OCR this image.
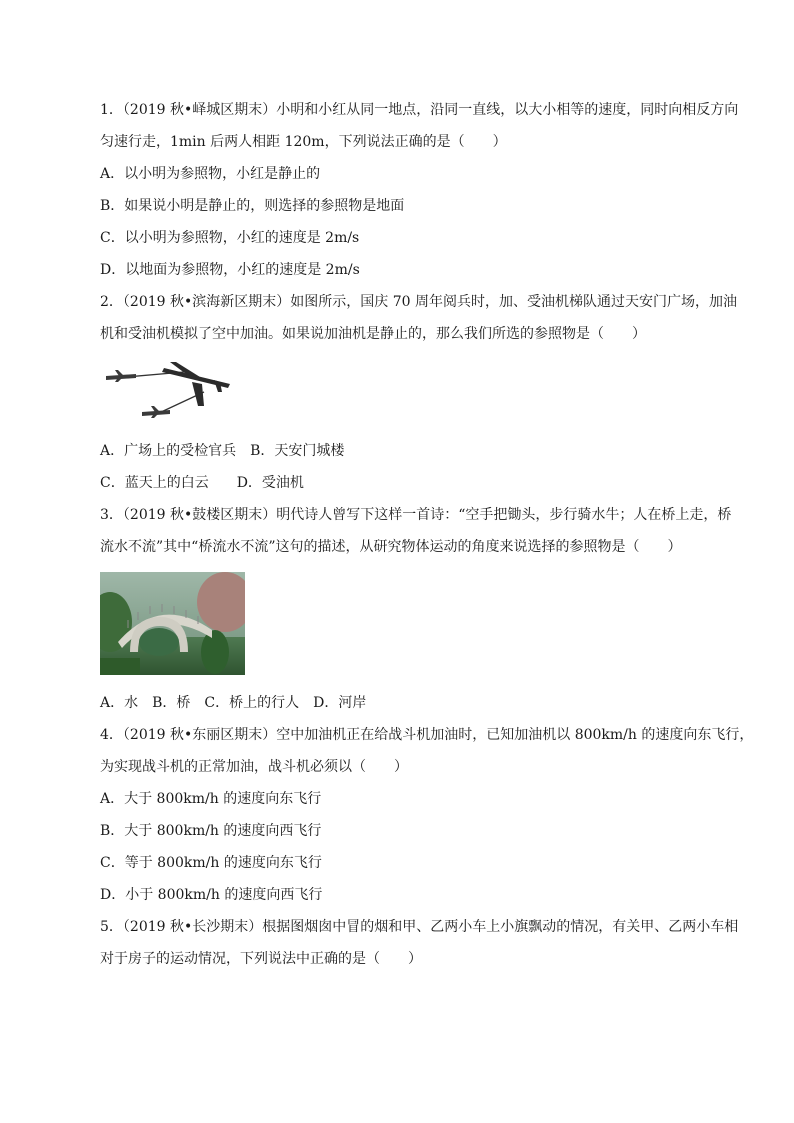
1．（2019 秋•峄城区期末）小明和小红从同一地点，沿同一直线，以大小相等的速度，同时向相反方向
匀速行走，1min 后两人相距 120m，下列说法正确的是（　　）
A．以小明为参照物，小红是静止的
B．如果说小明是静止的，则选择的参照物是地面
C．以小明为参照物，小红的速度是 2m/s
D．以地面为参照物，小红的速度是 2m/s
2．（2019 秋•滨海新区期末）如图所示，国庆 70 周年阅兵时，加、受油机梯队通过天安门广场，加油
机和受油机模拟了空中加油。如果说加油机是静止的，那么我们所选的参照物是（　　）
A．广场上的受检官兵　B．天安门城楼
C．蓝天上的白云　　D．受油机
3．（2019 秋•鼓楼区期末）明代诗人曾写下这样一首诗：“空手把锄头，步行骑水牛；人在桥上走，桥
流水不流”其中“桥流水不流”这句的描述，从研究物体运动的角度来说选择的参照物是（　　）
A．水　B．桥　C．桥上的行人　D．河岸
4．（2019 秋•东丽区期末）空中加油机正在给战斗机加油时，已知加油机以 800km/h 的速度向东飞行，
为实现战斗机的正常加油，战斗机必须以（　　）
A．大于 800km/h 的速度向东飞行
B．大于 800km/h 的速度向西飞行
C．等于 800km/h 的速度向东飞行
D．小于 800km/h 的速度向西飞行
5．（2019 秋•长沙期末）根据图烟囱中冒的烟和甲、乙两小车上小旗飘动的情况，有关甲、乙两小车相
对于房子的运动情况，下列说法中正确的是（　　）
